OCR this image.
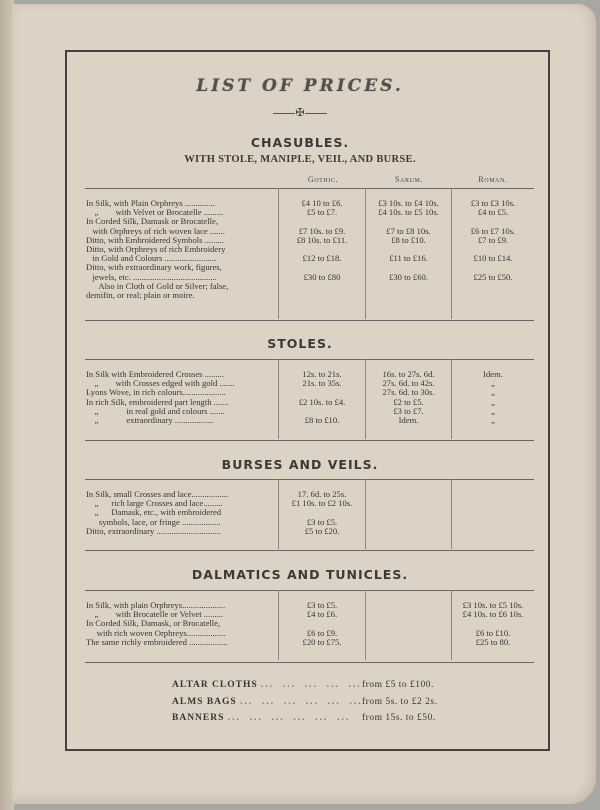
LIST OF PRICES.
✠
CHASUBLES.
WITH STOLE, MANIPLE, VEIL, AND BURSE.
Gothic.	Sarum.	Roman.
In Silk, with Plain Orphreys ..............
„        with Velvet or Brocatelle .........
In Corded Silk, Damask or Brocatelle,
with Orphreys of rich woven lace .......
Ditto, with Embroidered Symbols .........
Ditto, with Orphreys of rich Embroidery
in Gold and Colours ........................
Ditto, with extraordinary work, figures,
jewels, etc. .......................................
Also in Cloth of Gold or Silver; false,
demifin, or real; plain or moire.
£4 10 to £6.
£5 to £7.
£7 10s. to £9.
£8 10s. to £11.
£12 to £18.
£30 to £80
£3 10s. to £4 10s.
£4 10s. to £5 10s.
£7 to £8 10s.
£8 to £10.
£11 to £16.
£30 to £60.
£3 to £3 10s.
£4 to £5.
£6 to £7 10s.
£7 to £9.
£10 to £14.
£25 to £50.
STOLES.
In Silk with Embroidered Crosses .........
„        with Crosses edged with gold .......
Lyons Wove, in rich colours....................
In rich Silk, embroidered part length .......
„             in real gold and colours .......
„             extraordinary ..................
12s. to 21s.
21s. to 35s.
£2 10s. to £4.
£8 to £10.
16s. to 27s. 6d.
27s. 6d. to 42s.
27s. 6d. to 30s.
£2 to £5.
£3 to £7.
Idem.
Idem.
„
„
„
„
„
BURSES AND VEILS.
In Silk, small Crosses and lace.................
„      rich large Crosses and lace.........
„      Damask, etc., with embroidered
symbols, lace, or fringe ..................
Ditto, extraordinary ..............................
17. 6d. to 25s.
£1 10s. to £2 10s.
£3 to £5.
£5 to £20.
DALMATICS AND TUNICLES.
In Silk, with plain Orphreys....................
„        with Brocatelle or Velvet .........
In Corded Silk, Damask, or Brocatelle,
with rich woven Orphreys..................
The same richly embroidered ..................
£3 to £5.
£4 to £6.
£6 to £9.
£20 to £75.
£3 10s. to £5 10s.
£4 10s. to £6 10s.
£6 to £10.
£25 to 80.
ALTAR CLOTHS ...  ...  ...  ...  ...from £5 to £100.
ALMS BAGS ...  ...  ...  ...  ...  ...from 5s. to £2 2s.
BANNERS ...  ...  ...  ...  ...  ... from 15s. to £50.
